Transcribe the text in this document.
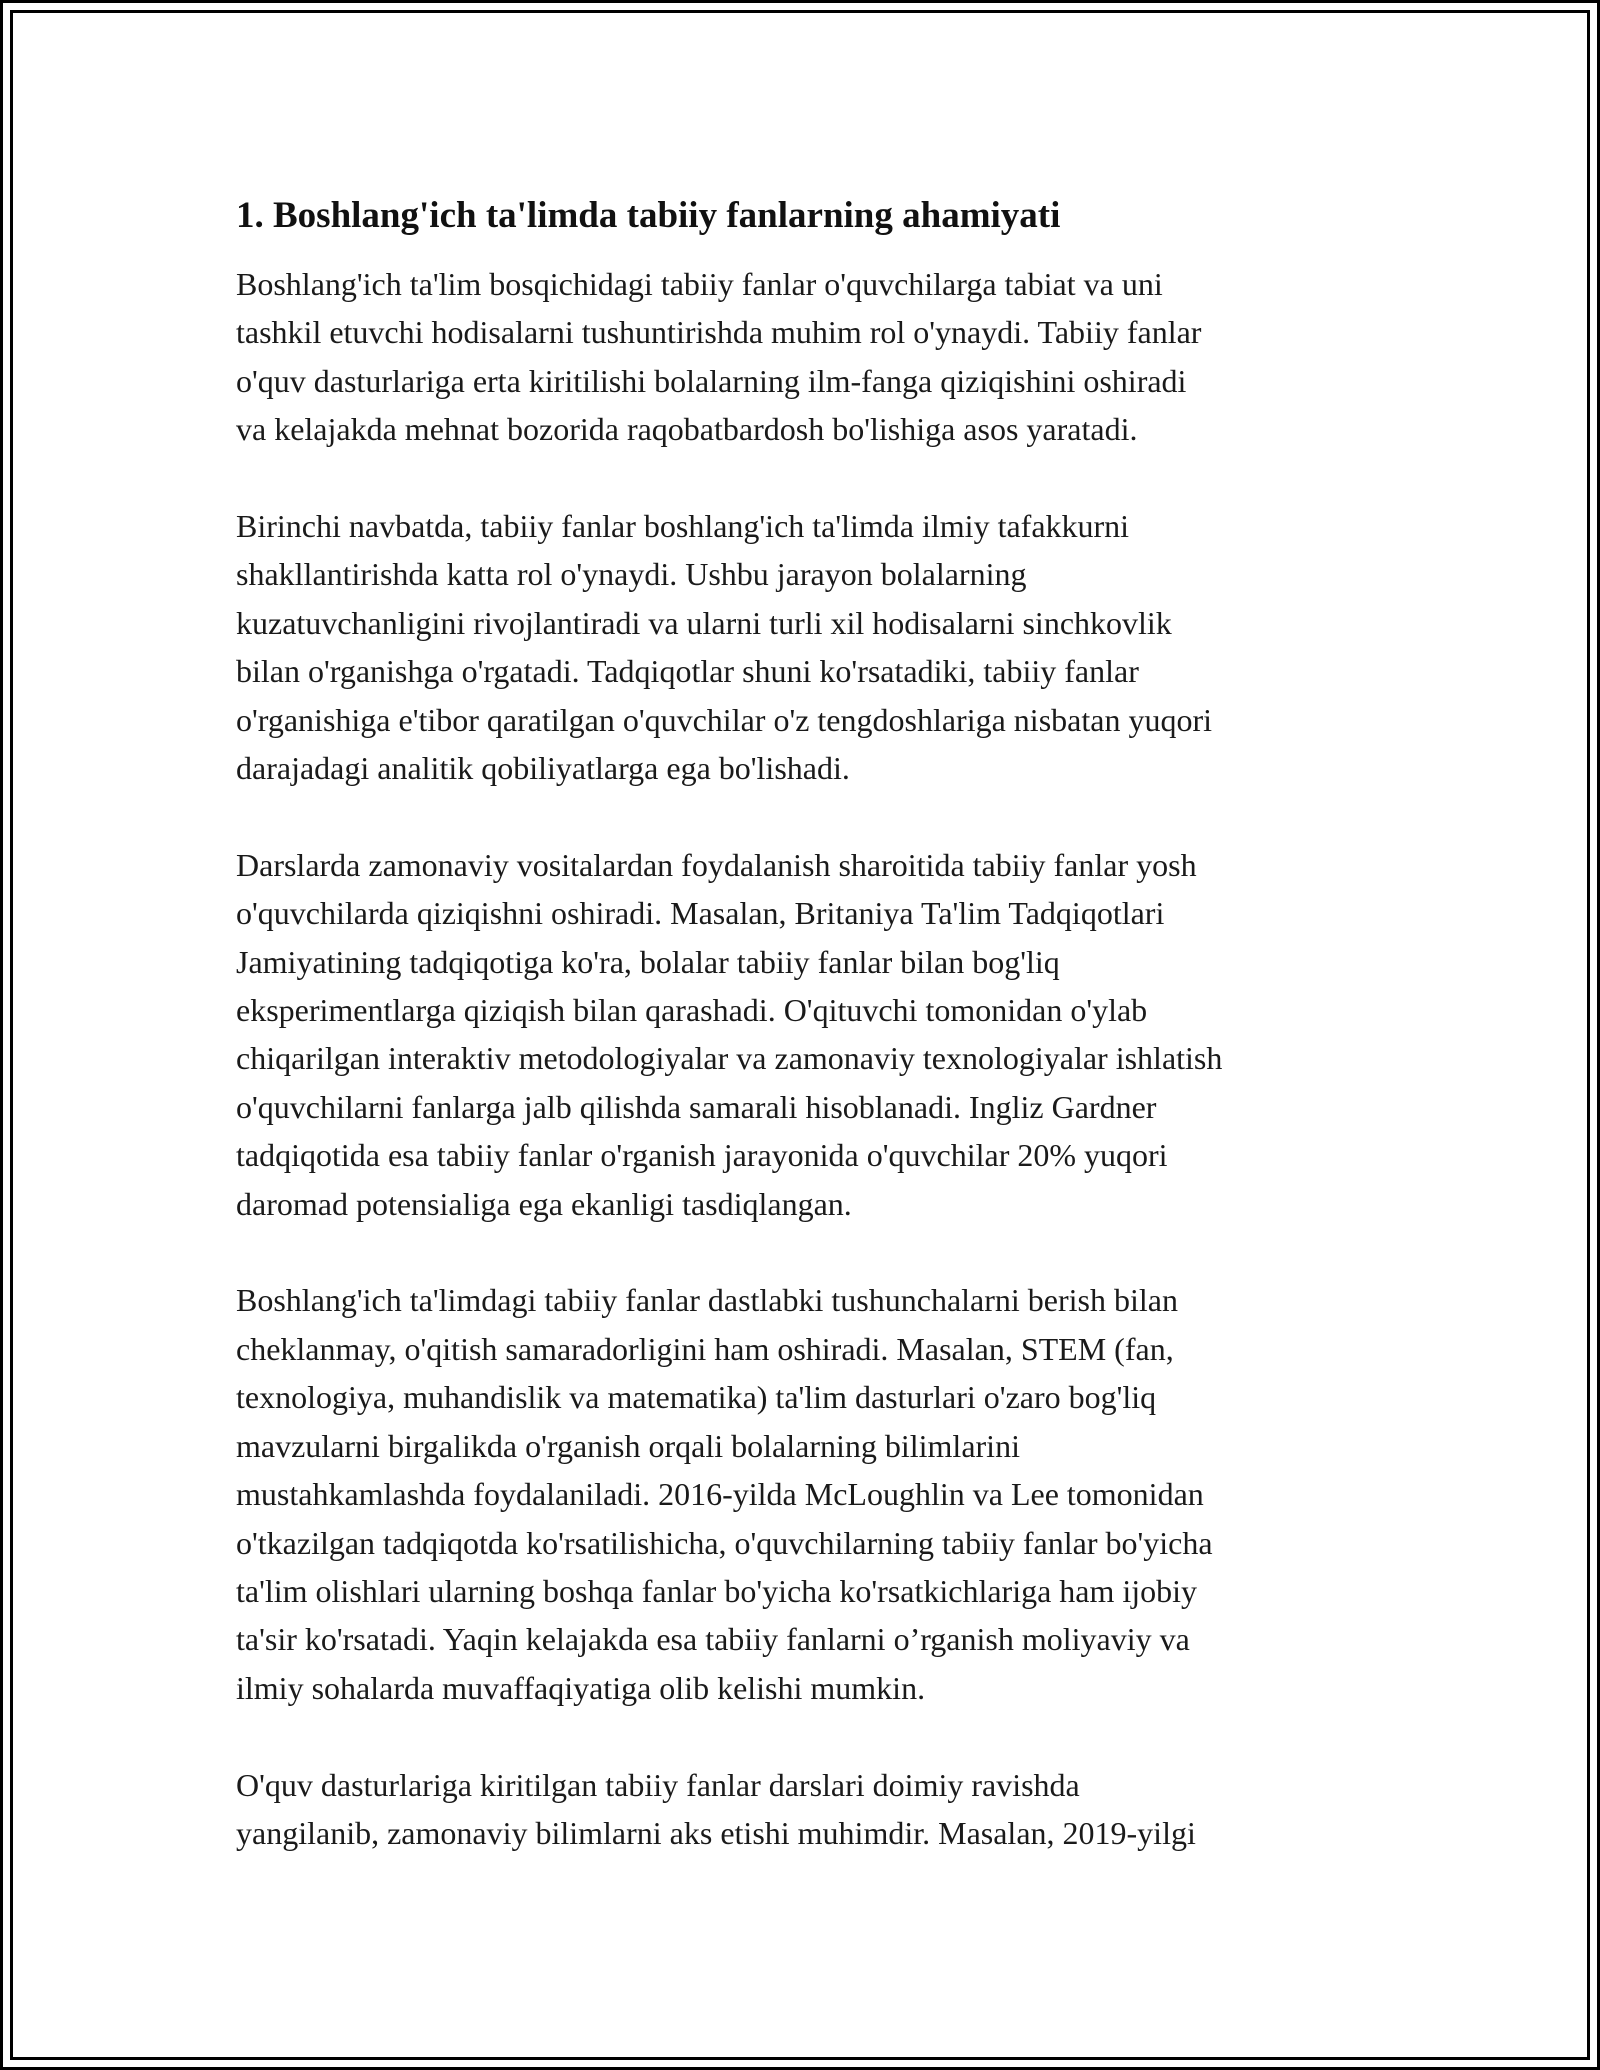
1. Boshlang'ich ta'limda tabiiy fanlarning ahamiyati

Boshlang'ich ta'lim bosqichidagi tabiiy fanlar o'quvchilarga tabiat va uni
tashkil etuvchi hodisalarni tushuntirishda muhim rol o'ynaydi. Tabiiy fanlar
o'quv dasturlariga erta kiritilishi bolalarning ilm-fanga qiziqishini oshiradi
va kelajakda mehnat bozorida raqobatbardosh bo'lishiga asos yaratadi.

Birinchi navbatda, tabiiy fanlar boshlang'ich ta'limda ilmiy tafakkurni
shakllantirishda katta rol o'ynaydi. Ushbu jarayon bolalarning
kuzatuvchanligini rivojlantiradi va ularni turli xil hodisalarni sinchkovlik
bilan o'rganishga o'rgatadi. Tadqiqotlar shuni ko'rsatadiki, tabiiy fanlar
o'rganishiga e'tibor qaratilgan o'quvchilar o'z tengdoshlariga nisbatan yuqori
darajadagi analitik qobiliyatlarga ega bo'lishadi.

Darslarda zamonaviy vositalardan foydalanish sharoitida tabiiy fanlar yosh
o'quvchilarda qiziqishni oshiradi. Masalan, Britaniya Ta'lim Tadqiqotlari
Jamiyatining tadqiqotiga ko'ra, bolalar tabiiy fanlar bilan bog'liq
eksperimentlarga qiziqish bilan qarashadi. O'qituvchi tomonidan o'ylab
chiqarilgan interaktiv metodologiyalar va zamonaviy texnologiyalar ishlatish
o'quvchilarni fanlarga jalb qilishda samarali hisoblanadi. Ingliz Gardner
tadqiqotida esa tabiiy fanlar o'rganish jarayonida o'quvchilar 20% yuqori
daromad potensialiga ega ekanligi tasdiqlangan.

Boshlang'ich ta'limdagi tabiiy fanlar dastlabki tushunchalarni berish bilan
cheklanmay, o'qitish samaradorligini ham oshiradi. Masalan, STEM (fan,
texnologiya, muhandislik va matematika) ta'lim dasturlari o'zaro bog'liq
mavzularni birgalikda o'rganish orqali bolalarning bilimlarini
mustahkamlashda foydalaniladi. 2016-yilda McLoughlin va Lee tomonidan
o'tkazilgan tadqiqotda ko'rsatilishicha, o'quvchilarning tabiiy fanlar bo'yicha
ta'lim olishlari ularning boshqa fanlar bo'yicha ko'rsatkichlariga ham ijobiy
ta'sir ko'rsatadi. Yaqin kelajakda esa tabiiy fanlarni o’rganish moliyaviy va
ilmiy sohalarda muvaffaqiyatiga olib kelishi mumkin.

O'quv dasturlariga kiritilgan tabiiy fanlar darslari doimiy ravishda
yangilanib, zamonaviy bilimlarni aks etishi muhimdir. Masalan, 2019-yilgi
